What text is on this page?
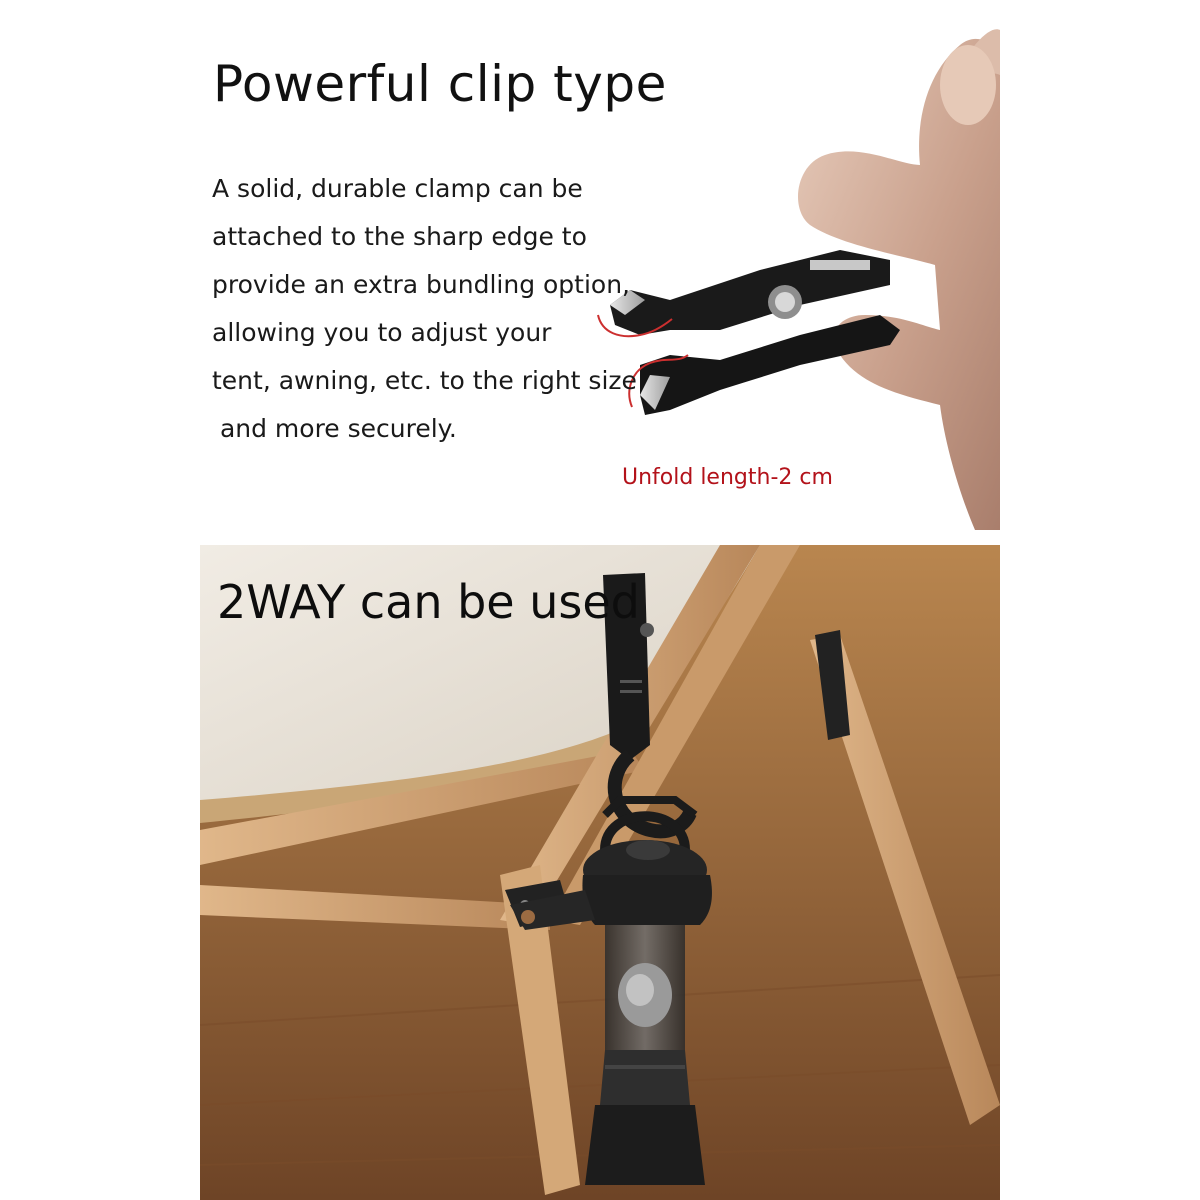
Powerful clip type
A solid, durable clamp can be
attached to the sharp edge to
provide an extra bundling option,
allowing you to adjust your
tent, awning, etc. to the right size
and more securely.
Unfold length-2 cm
2WAY can be used
